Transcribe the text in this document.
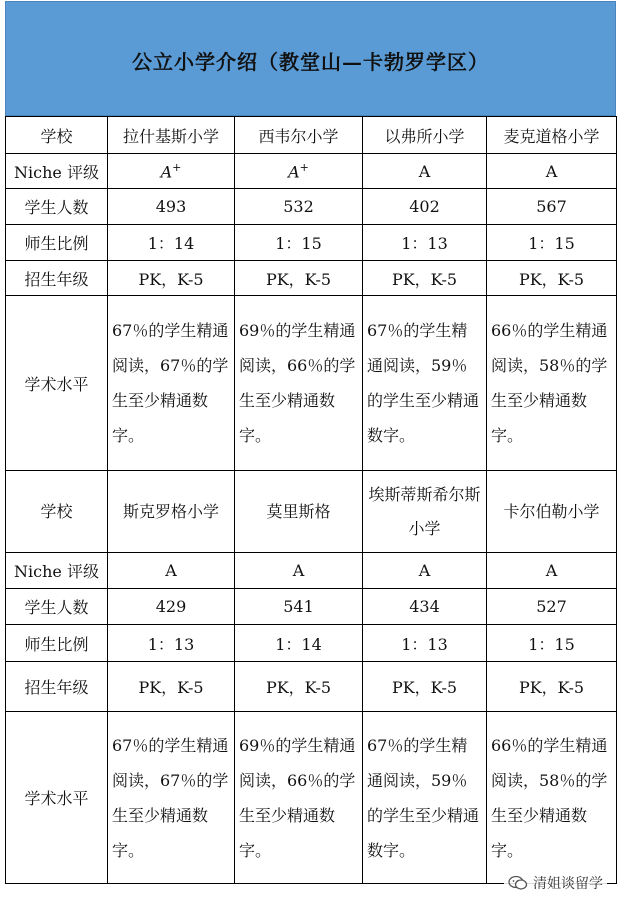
公立小学介绍（教堂山—卡勃罗学区）
学校	拉什基斯小学	西韦尔小学	以弗所小学	麦克道格小学
Niche 评级	A+	A+	A	A
学生人数	493	532	402	567
师生比例	1：14	1：15	1：13	1：15
招生年级	PK，K-5	PK，K-5	PK，K-5	PK，K-5
学术水平	67％的学生精通阅读，67％的学生至少精通数字。	69％的学生精通阅读，66％的学生至少精通数字。	67％的学生精通阅读，59％的学生至少精通数字。	66％的学生精通阅读，58％的学生至少精通数字。
学校	斯克罗格小学	莫里斯格	埃斯蒂斯希尔斯小学	卡尔伯勒小学
Niche 评级	A	A	A	A
学生人数	429	541	434	527
师生比例	1：13	1：14	1：13	1：15
招生年级	PK，K-5	PK，K-5	PK，K-5	PK，K-5
学术水平	67％的学生精通阅读，67％的学生至少精通数字。	69％的学生精通阅读，66％的学生至少精通数字。	67％的学生精通阅读，59％的学生至少精通数字。	66％的学生精通阅读，58％的学生至少精通数字。
清姐谈留学
